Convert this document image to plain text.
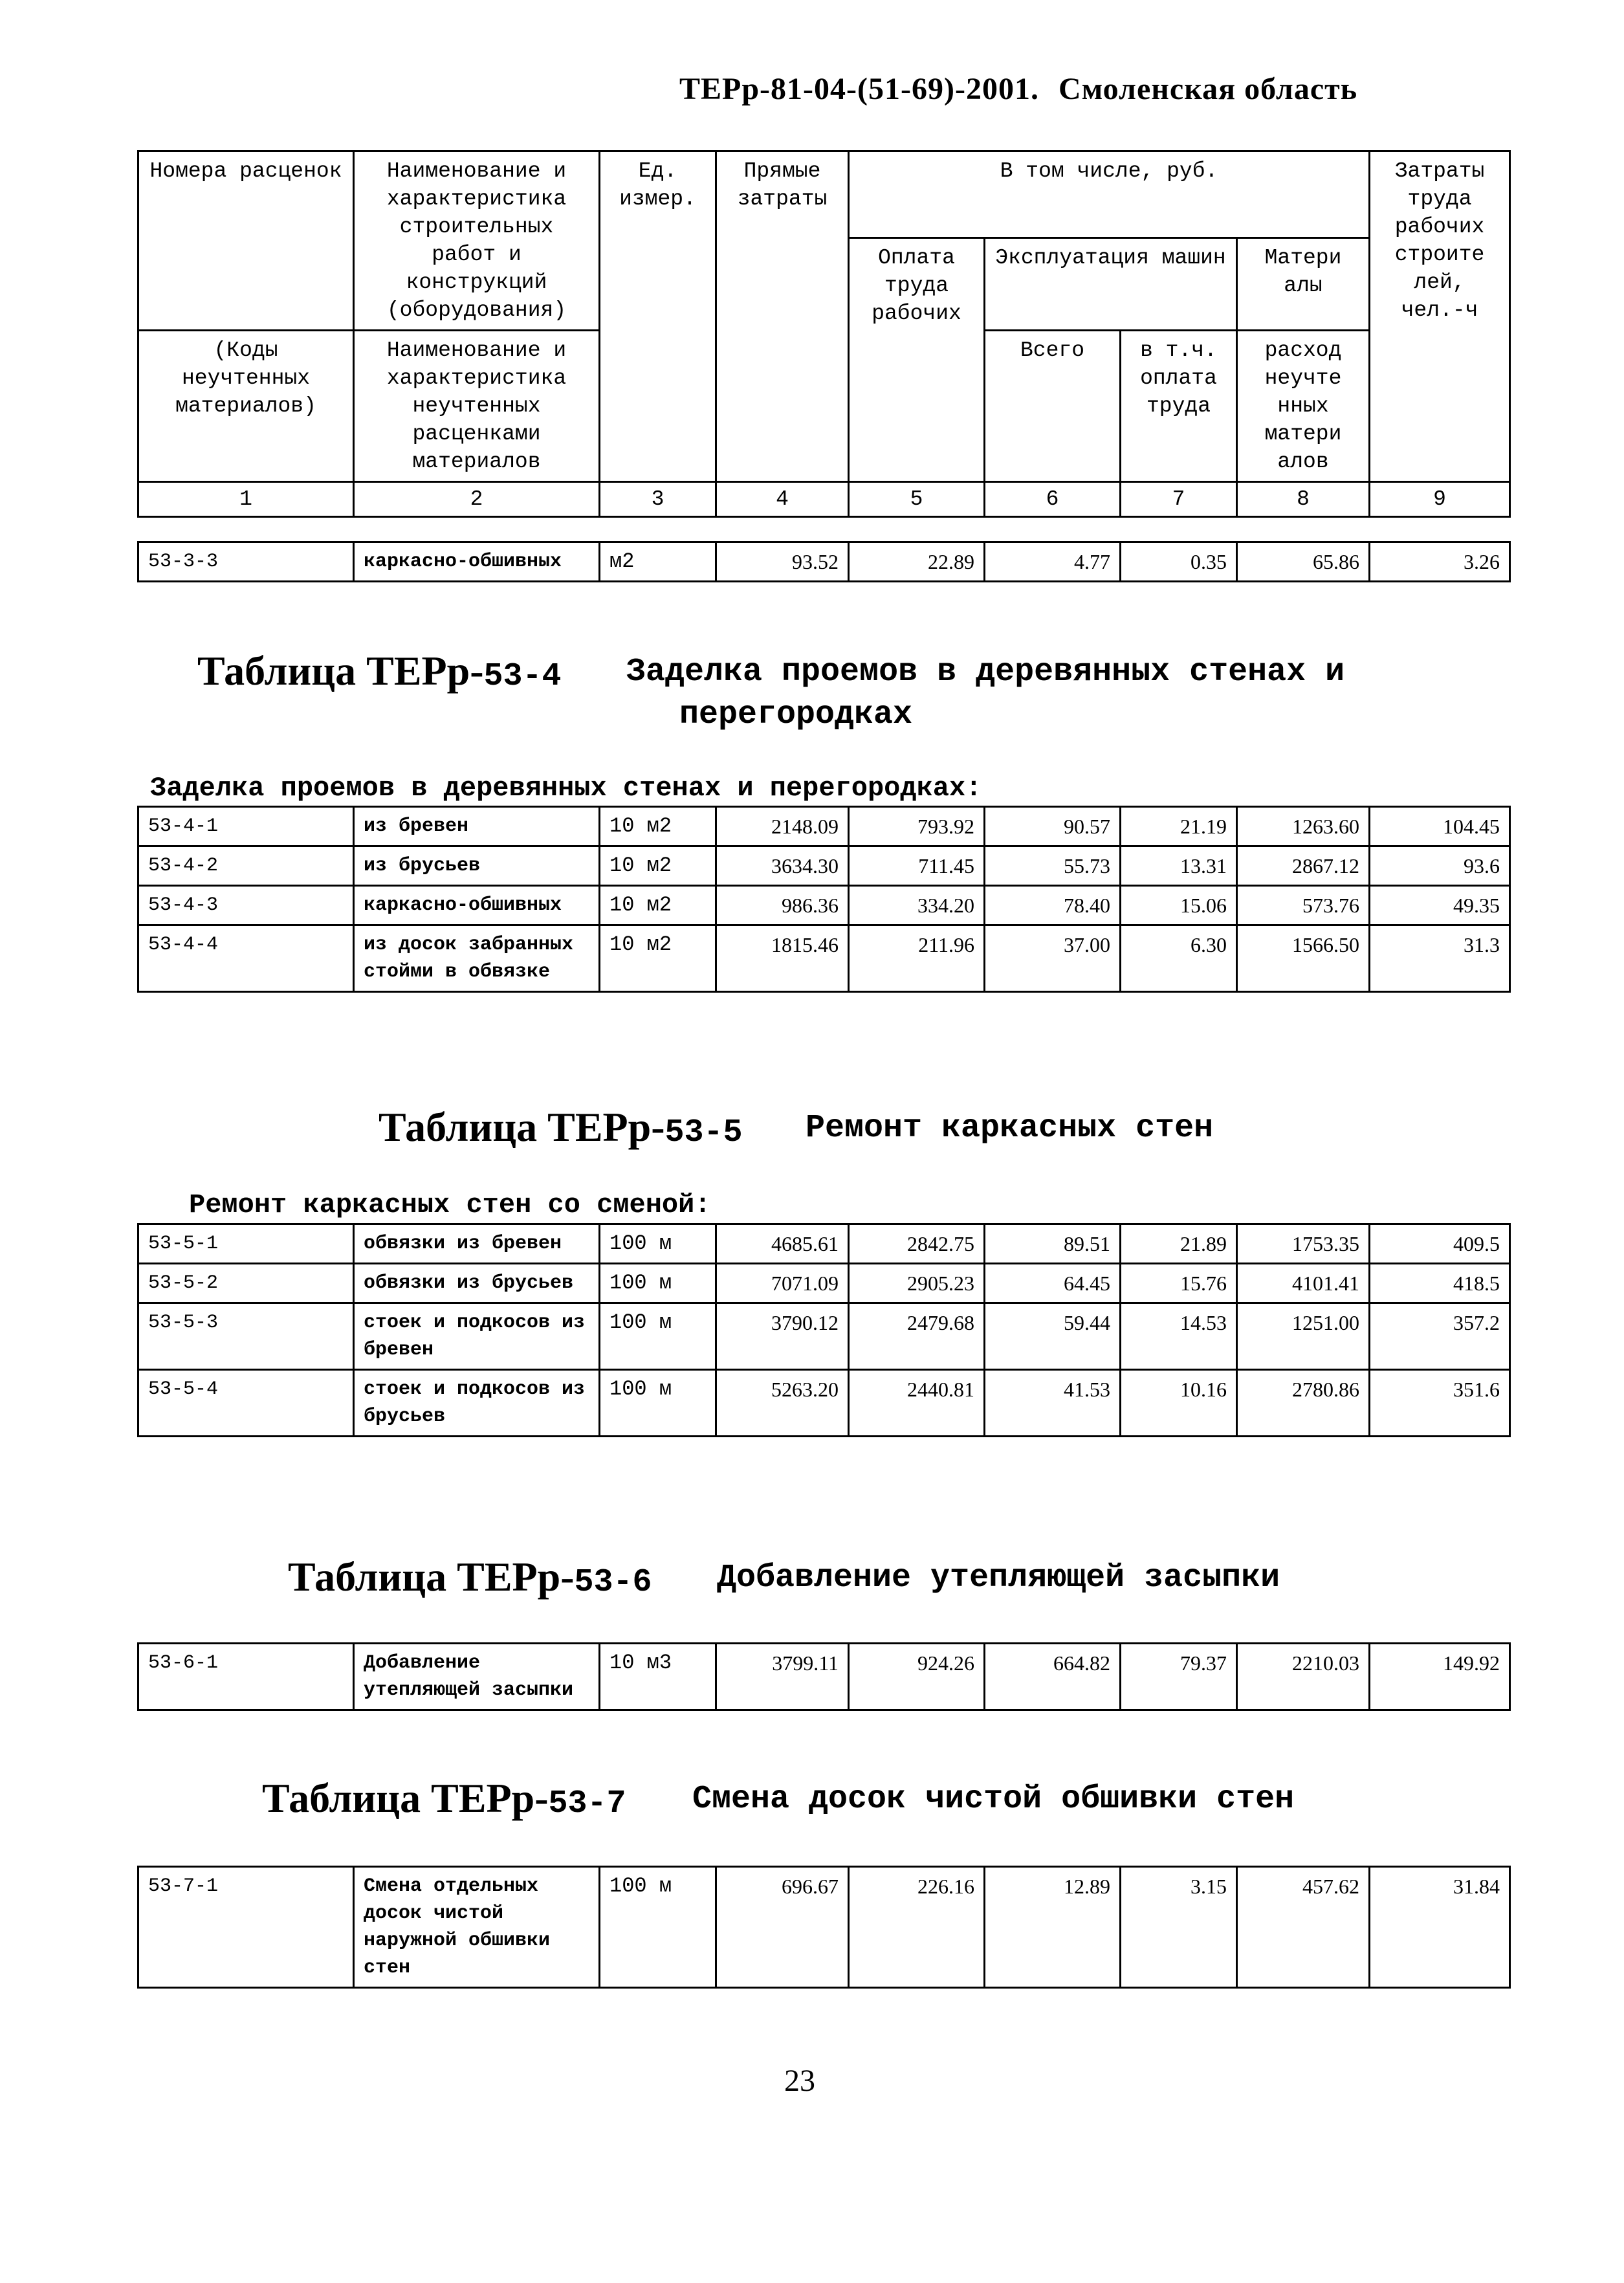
ТЕРр-81-04-(51-69)-2001. Смоленская область
Номера расценок	Наименование и характеристика строительных работ и конструкций (оборудования)	Ед. измер.	Прямые затраты	В том числе, руб.				Затраты труда рабочих строите лей, чел.-ч
				Оплата труда рабочих	Эксплуатация машин		Матери алы	
(Коды неучтенных материалов)	Наименование и характеристика неучтенных расценками материалов				Всего	в т.ч. оплата труда	расход неучте нных матери алов	
1	2	3	4	5	6	7	8	9
53-3-3	каркасно-обшивных	м2	93.52	22.89	4.77	0.35	65.86	3.26
Таблица ТЕРр-53-4 Заделка проемов в деревянных стенах и
перегородках
Заделка проемов в деревянных стенах и перегородках:
53-4-1	из бревен	10 м2	2148.09	793.92	90.57	21.19	1263.60	104.45
53-4-2	из брусьев	10 м2	3634.30	711.45	55.73	13.31	2867.12	93.6
53-4-3	каркасно-обшивных	10 м2	986.36	334.20	78.40	15.06	573.76	49.35
53-4-4	из досок забранных стойми в обвязке	10 м2	1815.46	211.96	37.00	6.30	1566.50	31.3
Таблица ТЕРр-53-5 Ремонт каркасных стен
Ремонт каркасных стен со сменой:
53-5-1	обвязки из бревен	100 м	4685.61	2842.75	89.51	21.89	1753.35	409.5
53-5-2	обвязки из брусьев	100 м	7071.09	2905.23	64.45	15.76	4101.41	418.5
53-5-3	стоек и подкосов из бревен	100 м	3790.12	2479.68	59.44	14.53	1251.00	357.2
53-5-4	стоек и подкосов из брусьев	100 м	5263.20	2440.81	41.53	10.16	2780.86	351.6
Таблица ТЕРр-53-6 Добавление утепляющей засыпки
53-6-1	Добавление утепляющей засыпки	10 м3	3799.11	924.26	664.82	79.37	2210.03	149.92
Таблица ТЕРр-53-7 Смена досок чистой обшивки стен
53-7-1	Смена отдельных досок чистой наружной обшивки стен	100 м	696.67	226.16	12.89	3.15	457.62	31.84
23
